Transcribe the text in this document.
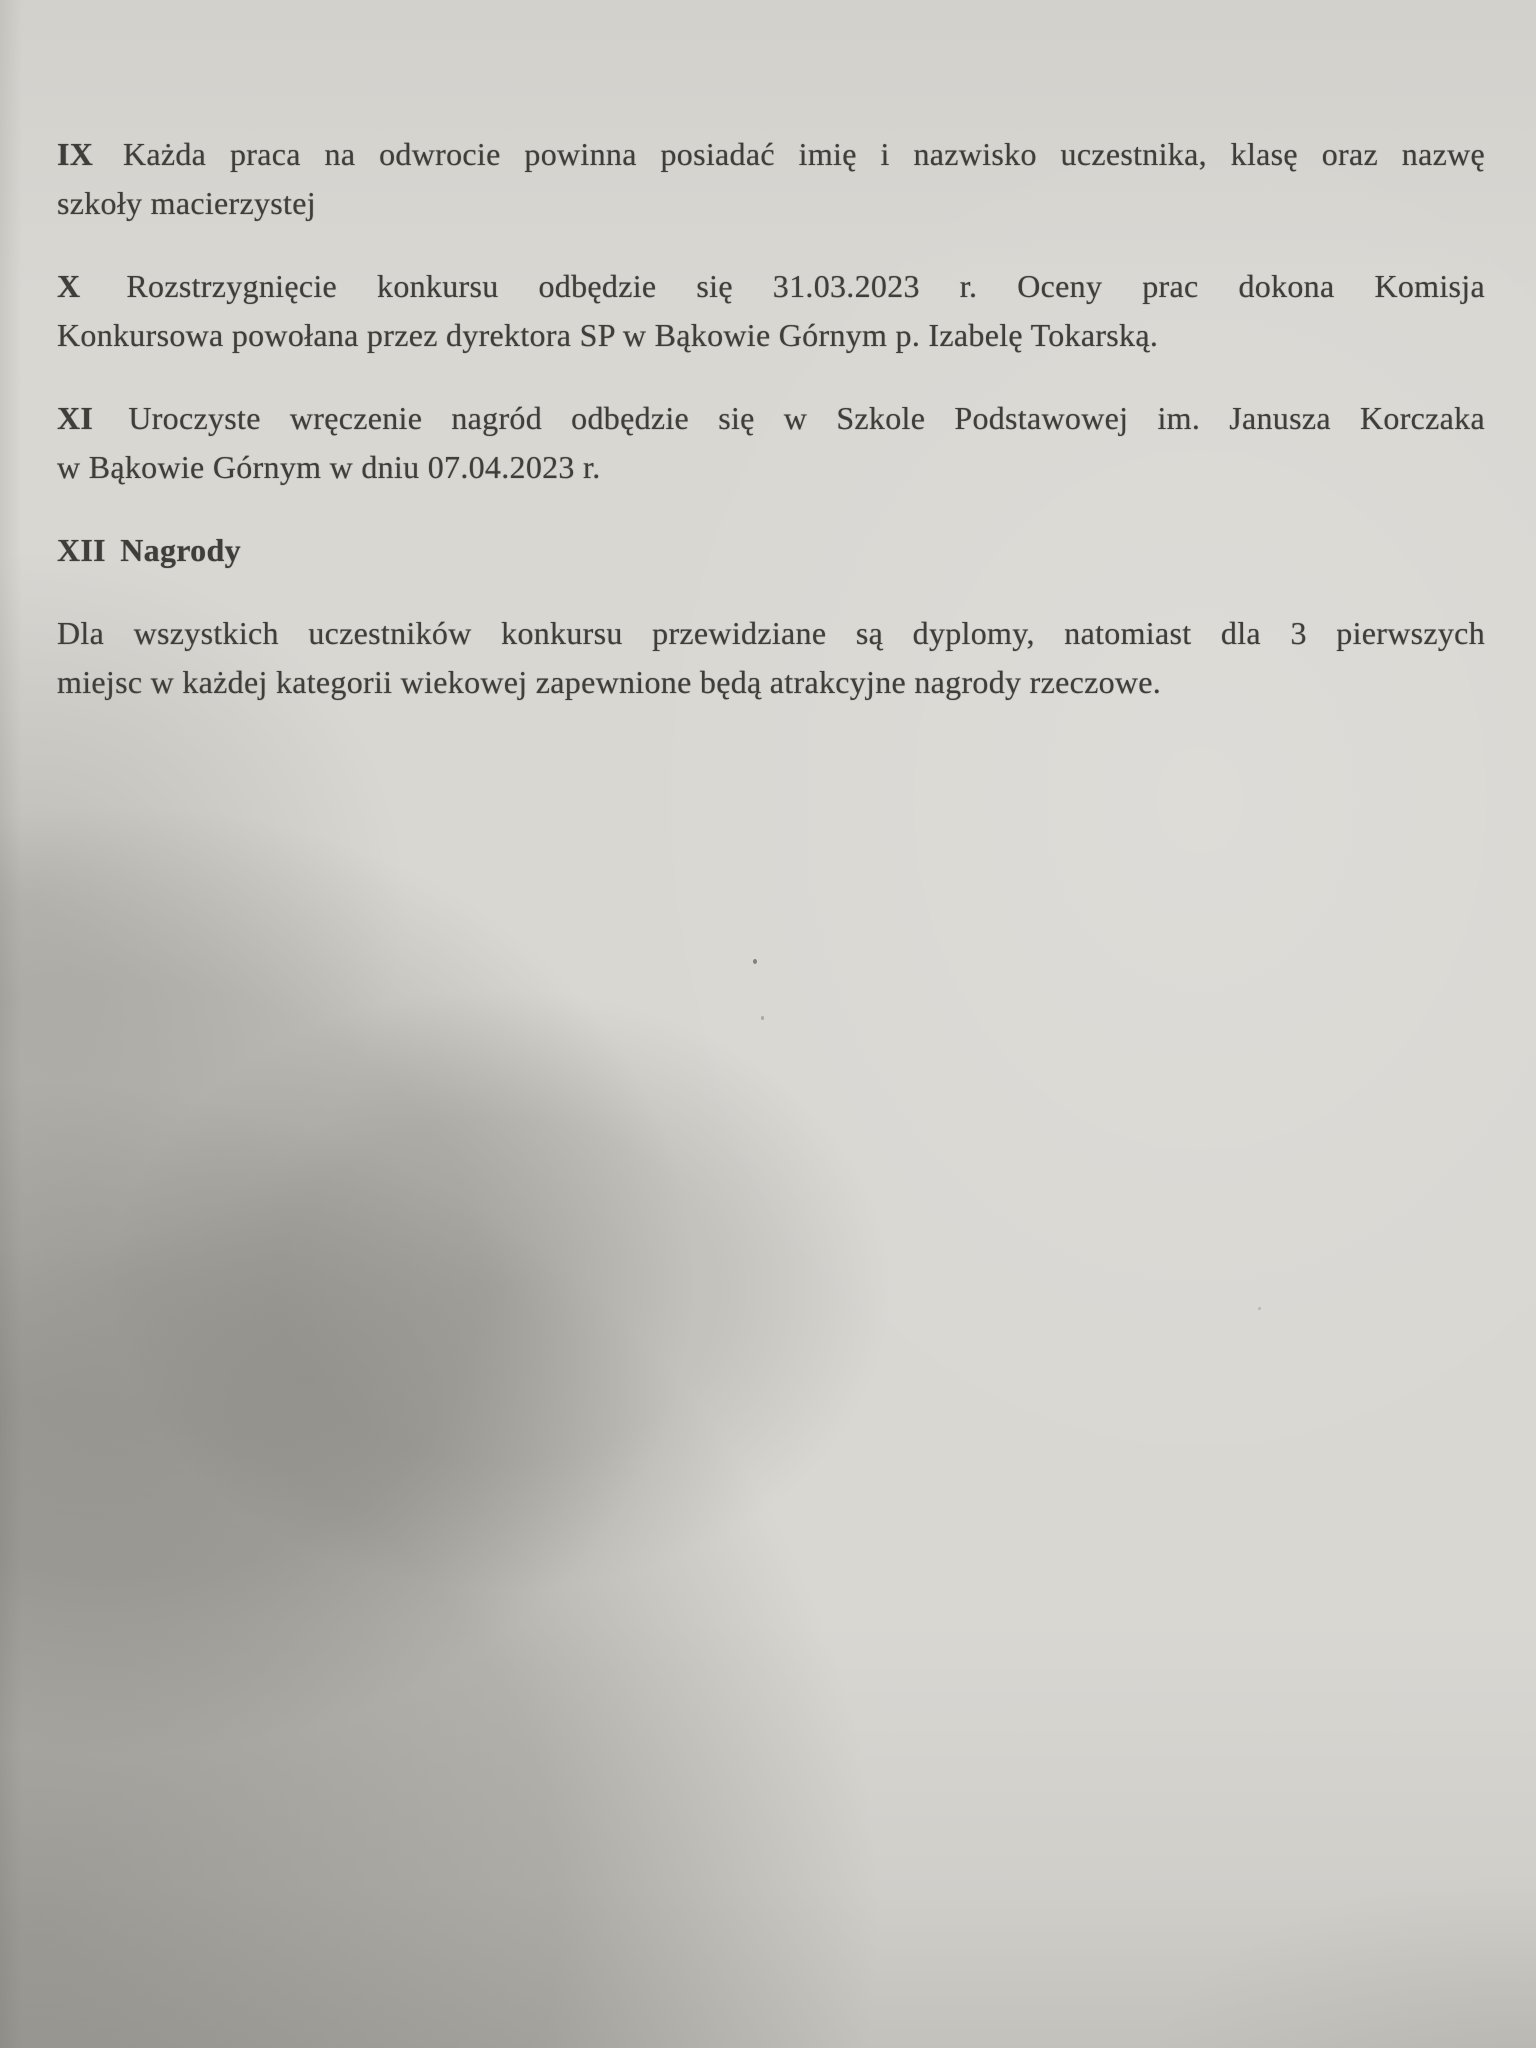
IX Każda praca na odwrocie powinna posiadać imię i nazwisko uczestnika, klasę oraz nazwę
szkoły macierzystej
X Rozstrzygnięcie konkursu odbędzie się 31.03.2023 r. Oceny prac dokona Komisja
Konkursowa powołana przez dyrektora SP w Bąkowie Górnym p. Izabelę Tokarską.
XI Uroczyste wręczenie nagród odbędzie się w Szkole Podstawowej im. Janusza Korczaka
w Bąkowie Górnym w dniu 07.04.2023 r.
XII Nagrody
Dla wszystkich uczestników konkursu przewidziane są dyplomy, natomiast dla 3 pierwszych
miejsc w każdej kategorii wiekowej zapewnione będą atrakcyjne nagrody rzeczowe.
